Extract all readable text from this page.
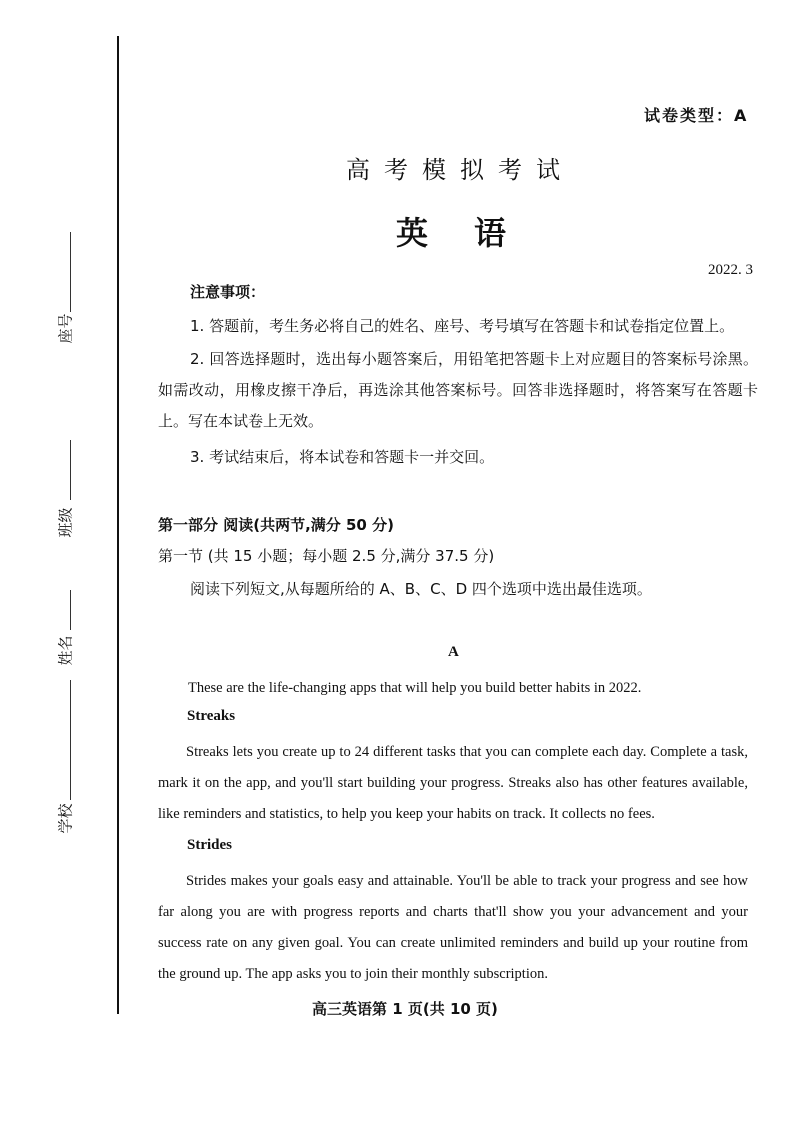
座号
班级
姓名
学校
试卷类型：A
高考模拟考试
英语
2022. 3
注意事项：
1. 答题前，考生务必将自己的姓名、座号、考号填写在答题卡和试卷指定位置上。
2. 回答选择题时，选出每小题答案后，用铅笔把答题卡上对应题目的答案标号涂黑。如需改动，用橡皮擦干净后，再选涂其他答案标号。回答非选择题时，将答案写在答题卡上。写在本试卷上无效。
3. 考试结束后，将本试卷和答题卡一并交回。
第一部分 阅读(共两节,满分 50 分)
第一节 (共 15 小题；每小题 2.5 分,满分 37.5 分)
阅读下列短文,从每题所给的 A、B、C、D 四个选项中选出最佳选项。
A
These are the life-changing apps that will help you build better habits in 2022.
Streaks
Streaks lets you create up to 24 different tasks that you can complete each day. Complete a task, mark it on the app, and you'll start building your progress. Streaks also has other features available, like reminders and statistics, to help you keep your habits on track. It collects no fees.
Strides
Strides makes your goals easy and attainable. You'll be able to track your progress and see how far along you are with progress reports and charts that'll show you your advancement and your success rate on any given goal. You can create unlimited reminders and build up your routine from the ground up. The app asks you to join their monthly subscription.
高三英语第 1 页(共 10 页)
